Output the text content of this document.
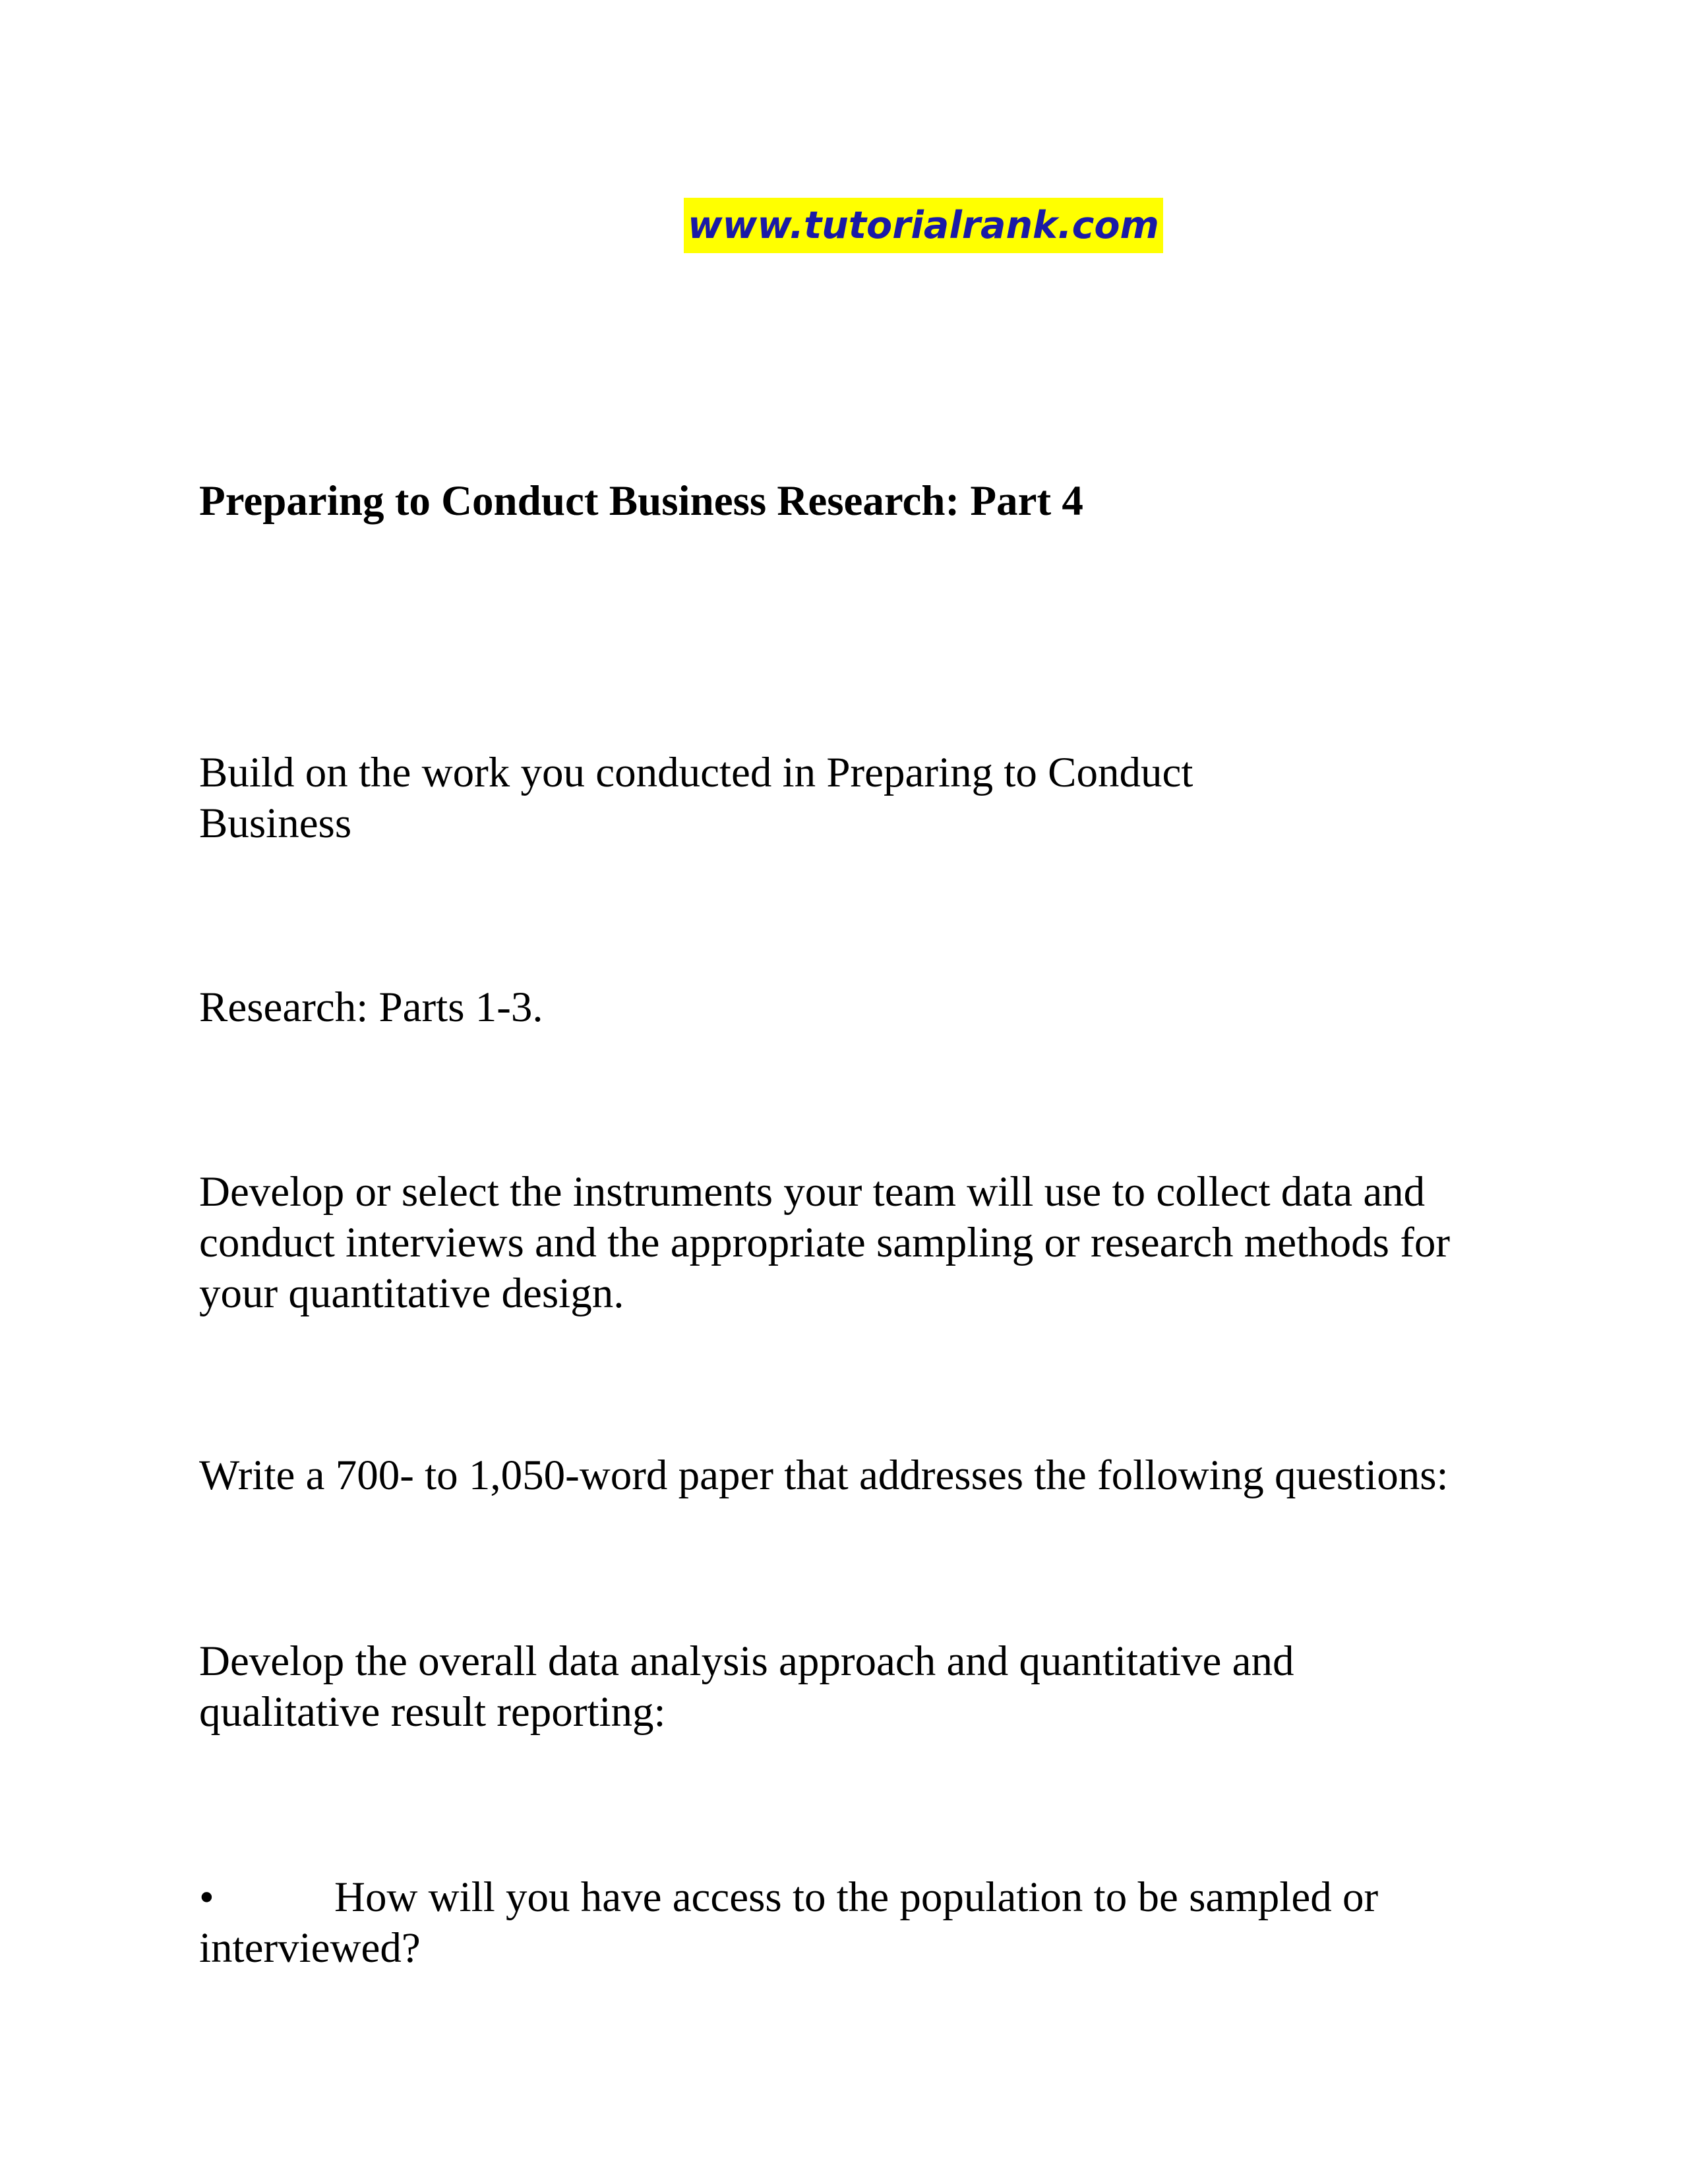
www.tutorialrank.com
Preparing to Conduct Business Research: Part 4

Build on the work you conducted in Preparing to Conduct
Business

Research: Parts 1-3.

Develop or select the instruments your team will use to collect data and
conduct interviews and the appropriate sampling or research methods for
your quantitative design.

Write a 700- to 1,050-word paper that addresses the following questions:

Develop the overall data analysis approach and quantitative and
qualitative result reporting:

•	How will you have access to the population to be sampled or
interviewed?
